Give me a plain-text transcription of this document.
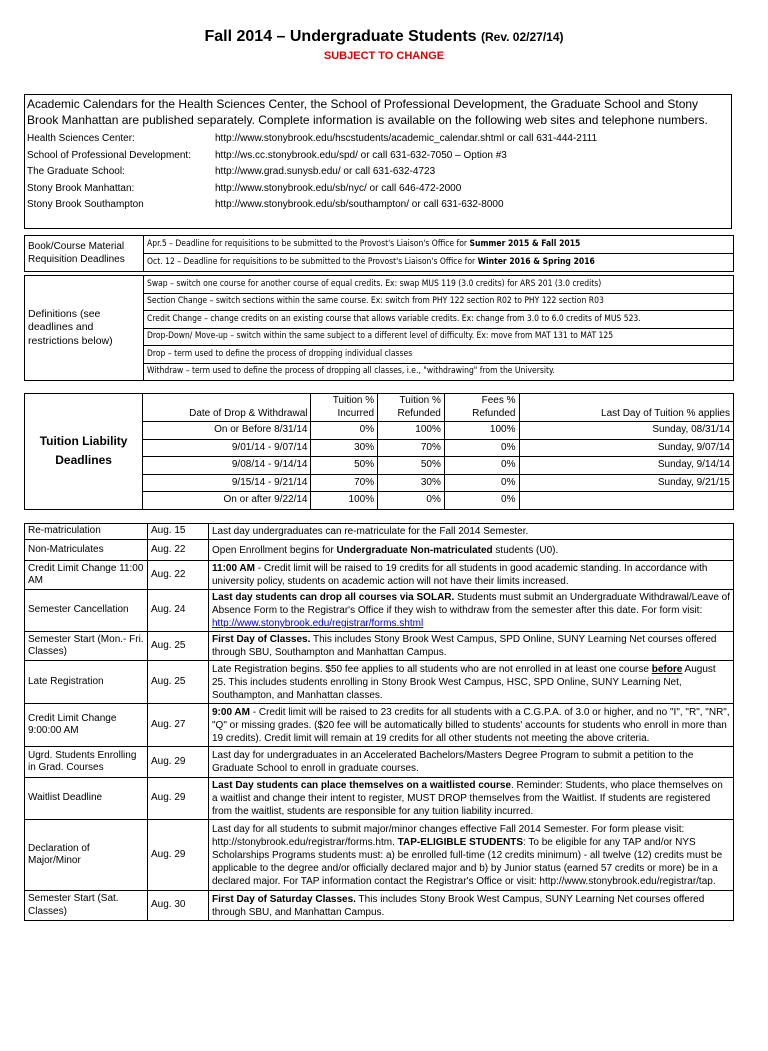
Fall 2014 – Undergraduate Students (Rev. 02/27/14)
SUBJECT TO CHANGE
Academic Calendars for the Health Sciences Center, the School of Professional Development, the Graduate School and Stony Brook Manhattan are published separately. Complete information is available on the following web sites and telephone numbers.
Health Sciences Center:	http://www.stonybrook.edu/hscstudents/academic_calendar.shtml or call 631-444-2111
School of Professional Development:	http://ws.cc.stonybrook.edu/spd/ or call 631-632-7050 – Option #3
The Graduate School:	http://www.grad.sunysb.edu/ or call 631-632-4723
Stony Brook Manhattan:	http://www.stonybrook.edu/sb/nyc/ or call 646-472-2000
Stony Brook Southampton	http://www.stonybrook.edu/sb/southampton/ or call 631-632-8000
Book/Course Material Requisition Deadlines	Apr.5 – Deadline for requisitions to be submitted to the Provost's Liaison's Office for Summer 2015 & Fall 2015
Oct. 12 – Deadline for requisitions to be submitted to the Provost's Liaison's Office for Winter 2016 & Spring 2016
Definitions (see deadlines and restrictions below)	Swap – switch one course for another course of equal credits. Ex: swap MUS 119 (3.0 credits) for ARS 201 (3.0 credits)
Section Change – switch sections within the same course. Ex: switch from PHY 122 section R02 to PHY 122 section R03
Credit Change – change credits on an existing course that allows variable credits. Ex: change from 3.0 to 6.0 credits of MUS 523.
Drop-Down/ Move-up – switch within the same subject to a different level of difficulty. Ex: move from MAT 131 to MAT 125
Drop – term used to define the process of dropping individual classes
Withdraw – term used to define the process of dropping all classes, i.e., "withdrawing" from the University.
Tuition Liability Deadlines	Date of Drop & Withdrawal	Tuition % Incurred	Tuition % Refunded	Fees % Refunded	Last Day of Tuition % applies
	On or Before 8/31/14	0%	100%	100%	Sunday, 08/31/14
	9/01/14 - 9/07/14	30%	70%	0%	Sunday, 9/07/14
	9/08/14 - 9/14/14	50%	50%	0%	Sunday, 9/14/14
	9/15/14 - 9/21/14	70%	30%	0%	Sunday, 9/21/15
	On or after 9/22/14	100%	0%	0%	
Re-matriculation	Aug. 15	Last day undergraduates can re-matriculate for the Fall 2014 Semester.
Non-Matriculates	Aug. 22	Open Enrollment begins for Undergraduate Non-matriculated students (U0).
Credit Limit Change 11:00 AM	Aug. 22	11:00 AM - Credit limit will be raised to 19 credits for all students in good academic standing. In accordance with university policy, students on academic action will not have their limits increased.
Semester Cancellation	Aug. 24	Last day students can drop all courses via SOLAR. Students must submit an Undergraduate Withdrawal/Leave of Absence Form to the Registrar's Office if they wish to withdraw from the semester after this date. For form visit: http://www.stonybrook.edu/registrar/forms.shtml
Semester Start (Mon.- Fri. Classes)	Aug. 25	First Day of Classes. This includes Stony Brook West Campus, SPD Online, SUNY Learning Net courses offered through SBU, Southampton and Manhattan Campus.
Late Registration	Aug. 25	Late Registration begins. $50 fee applies to all students who are not enrolled in at least one course before August 25. This includes students enrolling in Stony Brook West Campus, HSC, SPD Online, SUNY Learning Net, Southampton, and Manhattan classes.
Credit Limit Change 9:00:00 AM	Aug. 27	9:00 AM - Credit limit will be raised to 23 credits for all students with a C.G.P.A. of 3.0 or higher, and no "I", "R", "NR", "Q" or missing grades. ($20 fee will be automatically billed to students' accounts for students who enroll in more than 19 credits). Credit limit will remain at 19 credits for all other students not meeting the above criteria.
Ugrd. Students Enrolling in Grad. Courses	Aug. 29	Last day for undergraduates in an Accelerated Bachelors/Masters Degree Program to submit a petition to the Graduate School to enroll in graduate courses.
Waitlist Deadline	Aug. 29	Last Day students can place themselves on a waitlisted course. Reminder: Students, who place themselves on a waitlist and change their intent to register, MUST DROP themselves from the Waitlist. If students are registered from the waitlist, students are responsible for any tuition liability incurred.
Declaration of Major/Minor	Aug. 29	Last day for all students to submit major/minor changes effective Fall 2014 Semester. For form please visit: http://stonybrook.edu/registrar/forms.htm. TAP-ELIGIBLE STUDENTS: To be eligible for any TAP and/or NYS Scholarships Programs students must: a) be enrolled full-time (12 credits minimum) - all twelve (12) credits must be applicable to the degree and/or officially declared major and b) by Junior status (earned 57 credits or more) be in a declared major. For TAP information contact the Registrar's Office or visit: http://www.stonybrook.edu/registrar/tap.
Semester Start (Sat. Classes)	Aug. 30	First Day of Saturday Classes. This includes Stony Brook West Campus, SUNY Learning Net courses offered through SBU, and Manhattan Campus.
